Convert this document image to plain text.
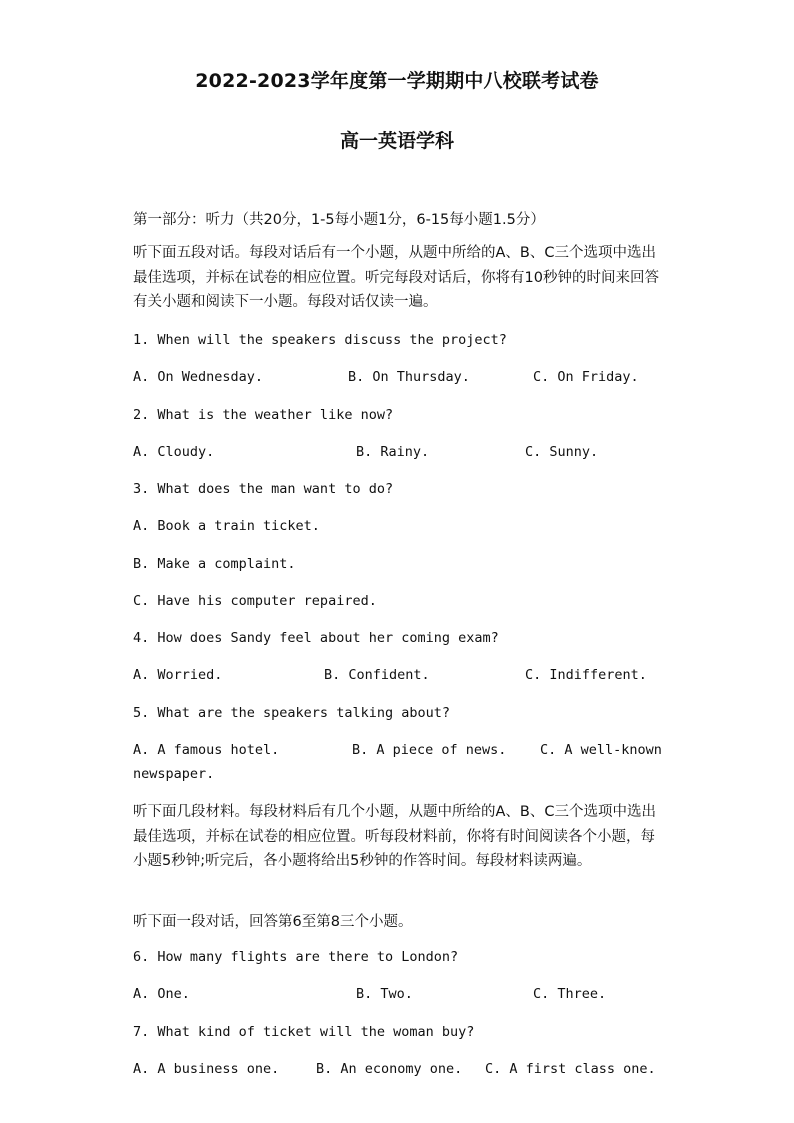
2022-2023学年度第一学期期中八校联考试卷
高一英语学科
第一部分：听力（共20分，1-5每小题1分，6-15每小题1.5分）
听下面五段对话。每段对话后有一个小题，从题中所给的A、B、C三个选项中选出最佳选项，并标在试卷的相应位置。听完每段对话后，你将有10秒钟的时间来回答有关小题和阅读下一小题。每段对话仅读一遍。
1. When will the speakers discuss the project?
A. On Wednesday.	B. On Thursday.	C. On Friday.
2. What is the weather like now?
A. Cloudy.	B. Rainy.	C. Sunny.
3. What does the man want to do?
A. Book a train ticket.
B. Make a complaint.
C. Have his computer repaired.
4. How does Sandy feel about her coming exam?
A. Worried.	B. Confident.	C. Indifferent.
5. What are the speakers talking about?
A. A famous hotel.	B. A piece of news. C. A well-known
newspaper.
听下面几段材料。每段材料后有几个小题，从题中所给的A、B、C三个选项中选出最佳选项，并标在试卷的相应位置。听每段材料前，你将有时间阅读各个小题，每小题5秒钟;听完后，各小题将给出5秒钟的作答时间。每段材料读两遍。
听下面一段对话，回答第6至第8三个小题。
6. How many flights are there to London?
A. One.	B. Two.	C. Three.
7. What kind of ticket will the woman buy?
A. A business one.	B. An economy one. C. A first class one.
